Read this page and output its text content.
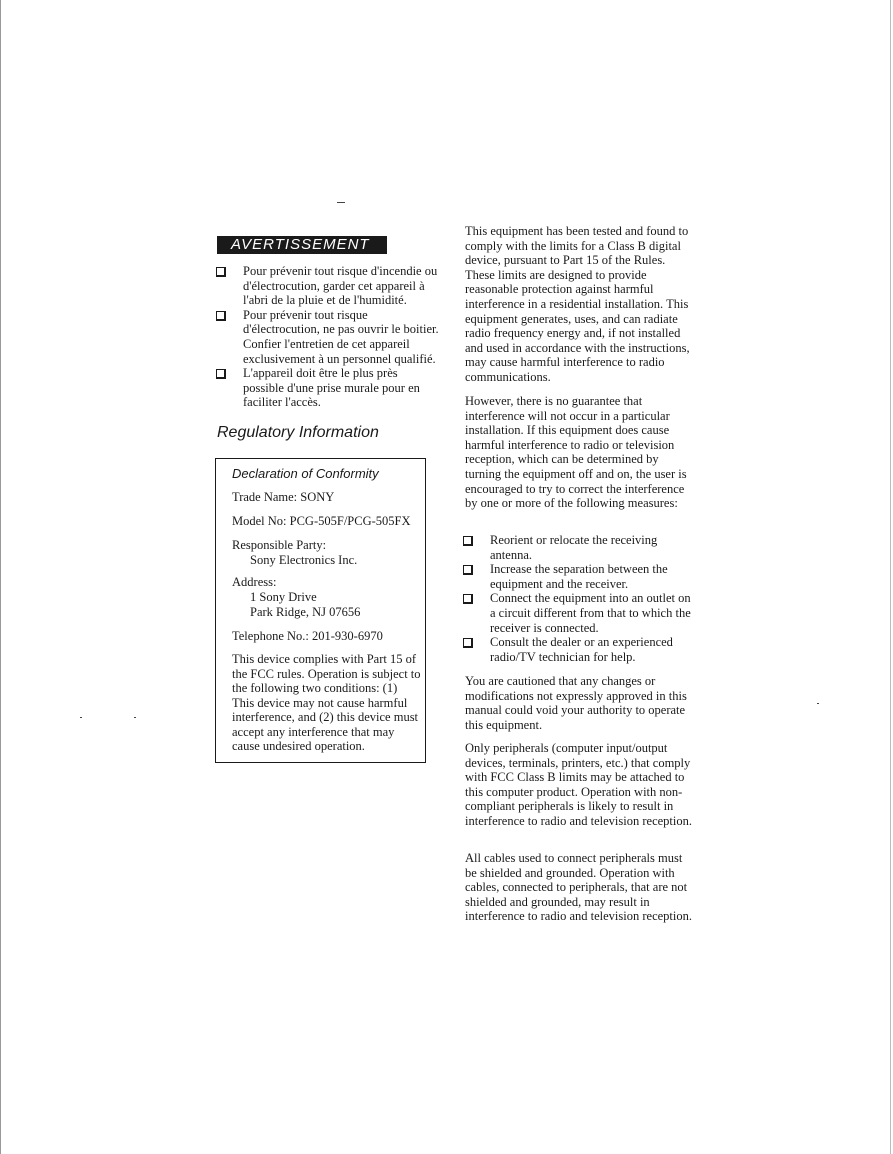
AVERTISSEMENT
Pour prévenir tout risque d'incendie ou d'électrocution, garder cet appareil à l'abri de la pluie et de l'humidité.
Pour prévenir tout risque d'électrocution, ne pas ouvrir le boitier. Confier l'entretien de cet appareil exclusivement à un personnel qualifié.
L'appareil doit être le plus près possible d'une prise murale pour en faciliter l'accès.
Regulatory Information
Declaration of Conformity
Trade Name: SONY
Model No: PCG-505F/PCG-505FX
Responsible Party:
Sony Electronics Inc.
Address:
1 Sony Drive
Park Ridge, NJ 07656
Telephone No.: 201-930-6970
This device complies with Part 15 of the FCC rules. Operation is subject to the following two conditions: (1) This device may not cause harmful interference, and (2) this device must accept any interference that may cause undesired operation.

This equipment has been tested and found to comply with the limits for a Class B digital device, pursuant to Part 15 of the Rules. These limits are designed to provide reasonable protection against harmful interference in a residential installation. This equipment generates, uses, and can radiate radio frequency energy and, if not installed and used in accordance with the instructions, may cause harmful interference to radio communications.

However, there is no guarantee that interference will not occur in a particular installation. If this equipment does cause harmful interference to radio or television reception, which can be determined by turning the equipment off and on, the user is encouraged to try to correct the interference by one or more of the following measures:

Reorient or relocate the receiving antenna.
Increase the separation between the equipment and the receiver.
Connect the equipment into an outlet on a circuit different from that to which the receiver is connected.
Consult the dealer or an experienced radio/TV technician for help.

You are cautioned that any changes or modifications not expressly approved in this manual could void your authority to operate this equipment.

Only peripherals (computer input/output devices, terminals, printers, etc.) that comply with FCC Class B limits may be attached to this computer product. Operation with non-compliant peripherals is likely to result in interference to radio and television reception.

All cables used to connect peripherals must be shielded and grounded. Operation with cables, connected to peripherals, that are not shielded and grounded, may result in interference to radio and television reception.
